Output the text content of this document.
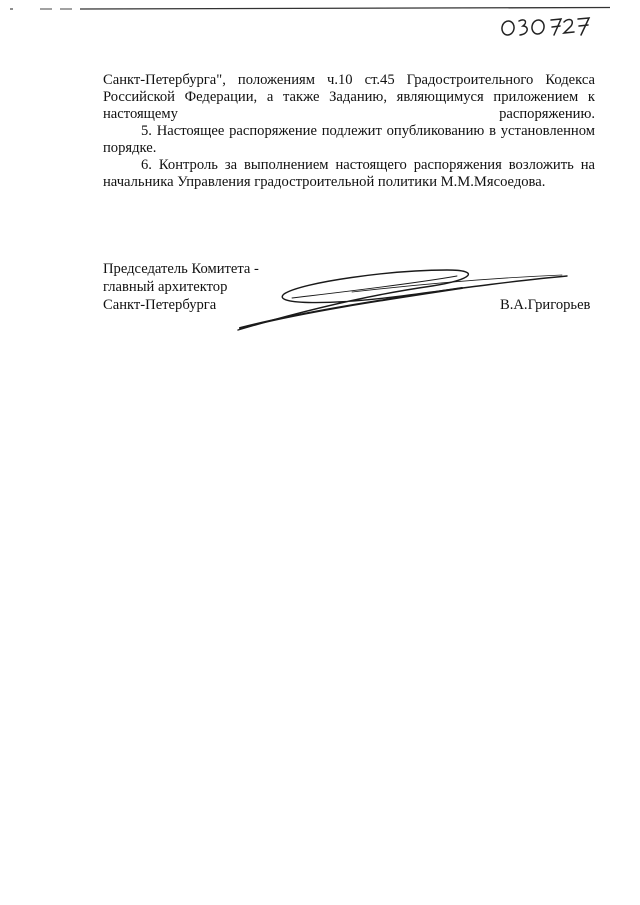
Санкт-Петербурга", положениям ч.10 ст.45 Градостроительного Кодекса Российской Федерации, а также Заданию, являющимуся приложением к настоящему распоряжению.

5. Настоящее распоряжение подлежит опубликованию в установленном порядке.

6. Контроль за выполнением настоящего распоряжения возложить на начальника Управления градостроительной политики М.М.Мясоедова.

Председатель Комитета -
главный архитектор
Санкт-Петербурга	В.А.Григорьев
